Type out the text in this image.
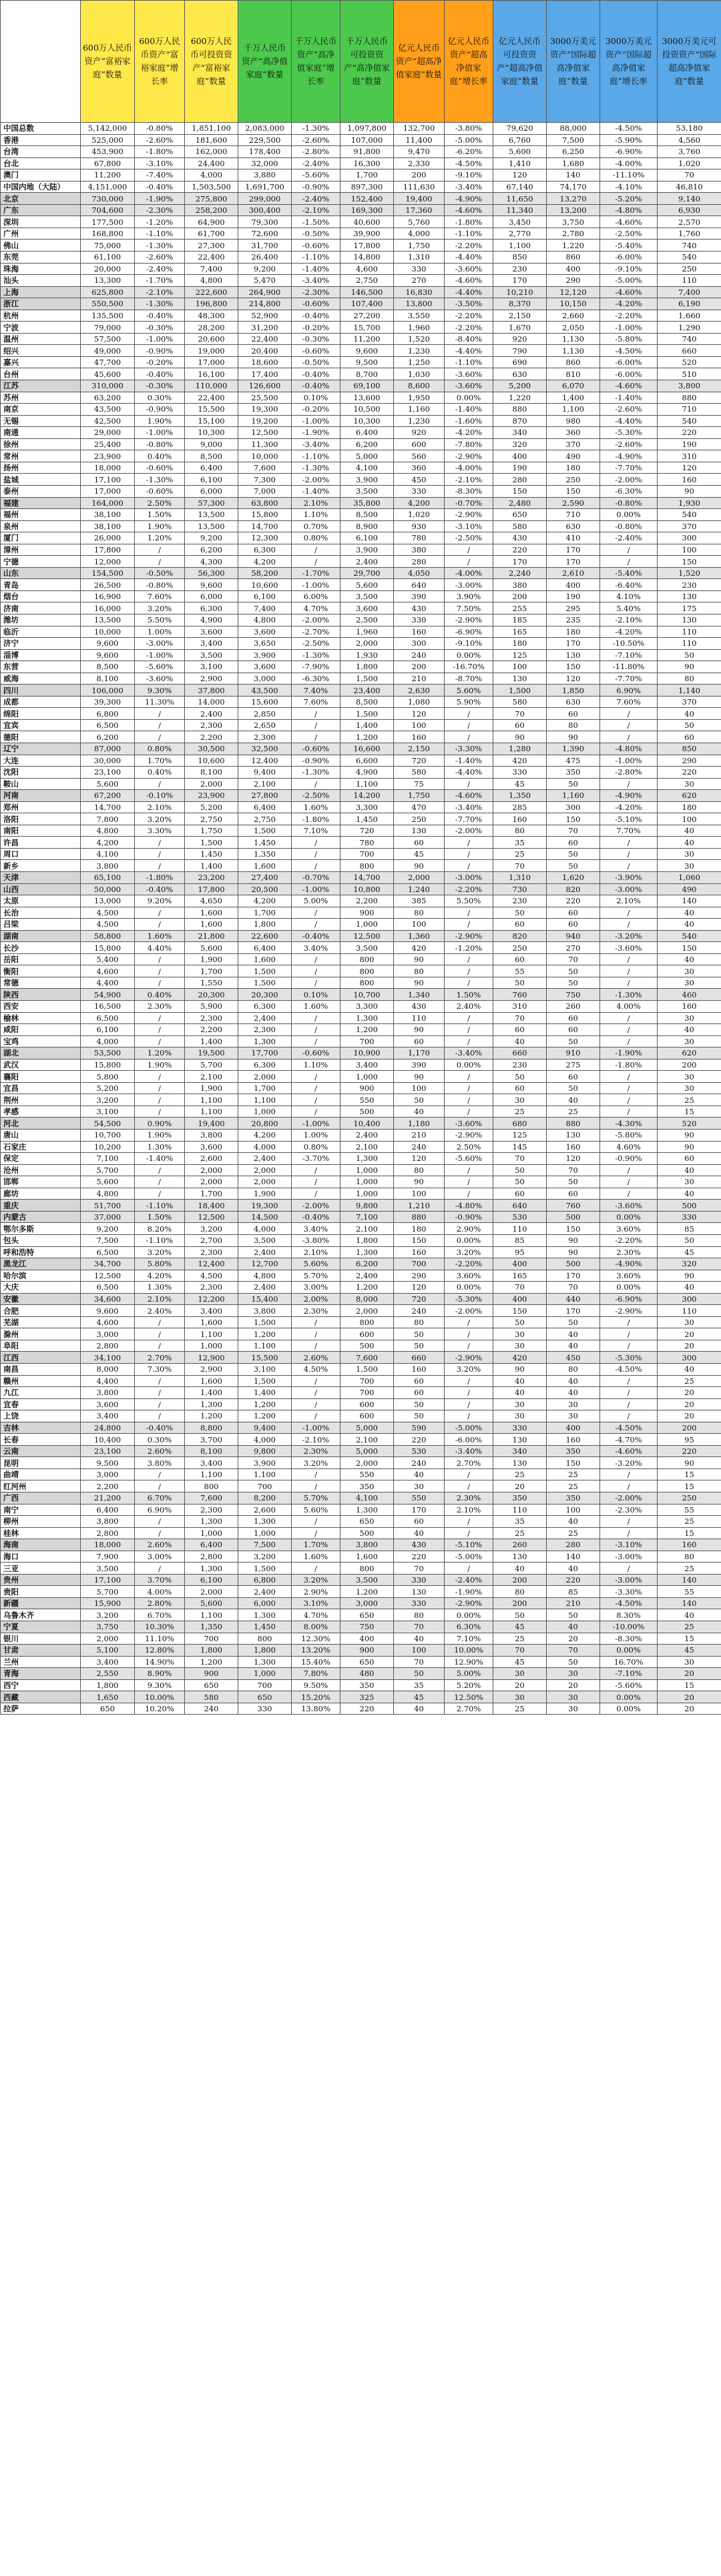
	600万人民币资产“富裕家庭”数量	600万人民币资产“富裕家庭”增长率	600万人民币可投资资产“富裕家庭”数量	千万人民币资产“高净值家庭”数量	千万人民币资产“高净值家庭”增长率	千万人民币可投资资产“高净值家庭”数量	亿元人民币资产“超高净值家庭”数量	亿元人民币资产“超高净值家庭”增长率	亿元人民币可投资资产“超高净值家庭”数量	3000万美元资产“国际超高净值家庭”数量	3000万美元资产“国际超高净值家庭”增长率	3000万美元可投资资产“国际超高净值家庭”数量
中国总数	5,142,000	-0.80%	1,851,100	2,083,000	-1.30%	1,097,800	132,700	-3.80%	79,620	88,000	-4.50%	53,180
香港	525,000	-2.60%	181,600	229,500	-2.60%	107,000	11,400	-5.00%	6,760	7,500	-5.90%	4,560
台湾	453,900	-1.80%	162,000	178,400	-2.80%	91,800	9,470	-6.20%	5,600	6,250	-6.90%	3,760
台北	67,800	-3.10%	24,400	32,000	-2.40%	16,300	2,330	-4.50%	1,410	1,680	-4.00%	1,020
澳门	11,200	-7.40%	4,000	3,880	-5.60%	1,700	200	-9.10%	120	140	-11.10%	70
中国内地（大陆）	4,151,000	-0.40%	1,503,500	1,691,700	-0.90%	897,300	111,630	-3.40%	67,140	74,170	-4.10%	46,810
北京	730,000	-1.90%	275,800	299,000	-2.40%	152,400	19,400	-4.90%	11,650	13,270	-5.20%	9,140
广东	704,600	-2.30%	258,200	300,400	-2.10%	169,300	17,360	-4.60%	11,340	13,200	-4.80%	6,930
深圳	177,500	-1.20%	64,900	79,300	-1.50%	40,600	5,760	-1.80%	3,450	3,750	-4.60%	2,570
广州	168,800	-1.10%	61,700	72,600	-0.50%	39,900	4,000	-1.10%	2,770	2,780	-2.50%	1,760
佛山	75,000	-1.30%	27,300	31,700	-0.60%	17,800	1,750	-2.20%	1,100	1,220	-5.40%	740
东莞	61,100	-2.60%	22,400	26,400	-1.10%	14,800	1,310	-4.40%	850	860	-6.00%	540
珠海	20,000	-2.40%	7,400	9,200	-1.40%	4,600	330	-3.60%	230	400	-9.10%	250
汕头	13,300	-1.70%	4,800	5,470	-3.40%	2,750	270	-4.60%	170	290	-5.00%	110
上海	625,800	-2.10%	222,600	264,900	-2.30%	146,500	16,830	-4.40%	10,210	12,120	-4.60%	7,400
浙江	550,500	-1.30%	196,800	214,800	-0.60%	107,400	13,800	-3.50%	8,370	10,150	-4.20%	6,190
杭州	135,500	-0.40%	48,300	52,900	-0.40%	27,200	3,550	-2.20%	2,150	2,660	-2.20%	1,660
宁波	79,000	-0.30%	28,200	31,200	-0.20%	15,700	1,960	-2.20%	1,670	2,050	-1.00%	1,290
温州	57,500	-1.00%	20,600	22,400	-0.30%	11,200	1,520	-8.40%	920	1,130	-5.80%	740
绍兴	49,000	-0.90%	19,000	20,400	-0.60%	9,600	1,230	-4.40%	790	1,130	-4.50%	660
嘉兴	47,700	-0.20%	17,000	18,600	-0.50%	9,500	1,250	-1.10%	690	860	-6.00%	520
台州	45,600	-0.40%	16,100	17,400	-0.40%	8,700	1,030	-3.60%	630	810	-6.00%	510
江苏	310,000	-0.30%	110,000	126,600	-0.40%	69,100	8,600	-3.60%	5,200	6,070	-4.60%	3,800
苏州	63,200	0.30%	22,400	25,500	0.10%	13,600	1,950	0.00%	1,220	1,400	-1.40%	880
南京	43,500	-0.90%	15,500	19,300	-0.20%	10,500	1,160	-1.40%	880	1,100	-2.60%	710
无锡	42,500	1.90%	15,100	19,200	-1.00%	10,300	1,230	-1.60%	870	980	-4.40%	540
南通	29,000	-1.00%	10,300	12,500	-1.90%	6,400	920	-4.20%	340	360	-5.30%	220
徐州	25,400	-0.80%	9,000	11,300	-3.40%	6,200	600	-7.80%	320	370	-2.60%	190
常州	23,900	0.40%	8,500	10,000	-1.10%	5,000	560	-2.90%	400	490	-4.90%	310
扬州	18,000	-0.60%	6,400	7,600	-1.30%	4,100	360	-4.00%	190	180	-7.70%	120
盐城	17,100	-1.30%	6,100	7,300	-2.00%	3,900	450	-2.10%	280	250	-2.00%	160
泰州	17,000	-0.60%	6,000	7,000	-1.40%	3,500	330	-8.30%	150	150	-6.30%	90
福建	164,000	2.50%	57,300	63,800	2.10%	35,800	4,200	-0.70%	2,480	2,590	-0.80%	1,930
福州	38,100	1.50%	13,500	15,800	1.10%	8,500	1,020	-2.90%	650	710	0.00%	540
泉州	38,100	1.90%	13,500	14,700	0.70%	8,900	930	-3.10%	580	630	-0.80%	370
厦门	26,000	1.20%	9,200	12,300	0.80%	6,100	780	-2.50%	430	410	-2.40%	300
漳州	17,800	/	6,200	6,300	/	3,900	380	/	220	170	/	100
宁德	12,000	/	4,300	4,200	/	2,400	280	/	170	170	/	150
山东	154,500	-0.50%	56,300	58,200	-1.70%	29,700	4,050	-4.00%	2,240	2,610	-5.40%	1,520
青岛	26,500	-0.80%	9,600	10,600	-1.00%	5,600	640	-3.00%	380	400	-6.40%	230
烟台	16,900	7.60%	6,000	6,100	6.00%	3,500	390	3.90%	200	190	4.10%	130
济南	16,000	3.20%	6,300	7,400	4.70%	3,600	430	7.50%	255	295	5.40%	175
潍坊	13,500	5.50%	4,900	4,800	-2.00%	2,500	330	-2.90%	185	235	-2.10%	130
临沂	10,000	1.00%	3,600	3,600	-2.70%	1,960	160	-6.90%	165	180	-4.20%	110
济宁	9,600	-3.00%	3,400	3,650	-2.50%	2,000	300	-9.10%	180	170	-10.50%	110
淄博	9,600	-1.00%	3,500	3,900	-1.30%	1,930	240	0.00%	125	130	-7.10%	50
东营	8,500	-5.60%	3,100	3,600	-7.90%	1,800	200	-16.70%	100	150	-11.80%	90
威海	8,100	-3.60%	2,900	3,000	-6.30%	1,500	210	-8.70%	130	120	-7.70%	80
四川	106,000	9.30%	37,800	43,500	7.40%	23,400	2,630	5.60%	1,500	1,850	6.90%	1,140
成都	39,300	11.30%	14,000	15,600	7.60%	8,500	1,080	5.90%	580	630	7.60%	370
绵阳	6,800	/	2,400	2,850	/	1,500	120	/	70	60	/	40
宜宾	6,500	/	2,300	2,650	/	1,400	100	/	60	80	/	50
德阳	6,200	/	2,200	2,300	/	1,200	160	/	90	90	/	60
辽宁	87,000	0.80%	30,500	32,500	-0.60%	16,600	2,150	-3.30%	1,280	1,390	-4.80%	850
大连	30,000	1.70%	10,600	12,400	-0.90%	6,600	720	-1.40%	420	475	-1.00%	290
沈阳	23,100	0.40%	8,100	9,400	-1.30%	4,900	580	-4.40%	330	350	-2.80%	220
鞍山	5,600	/	2,000	2,100	/	1,100	75	/	45	50	/	30
河南	67,200	-0.10%	23,900	27,800	-2.50%	14,200	1,750	-4.60%	1,350	1,160	-4.90%	620
郑州	14,700	2.10%	5,200	6,400	1.60%	3,300	470	-3.40%	285	300	-4.20%	180
洛阳	7,800	3.20%	2,750	2,750	-1.80%	1,450	250	-7.70%	160	150	-5.10%	100
南阳	4,800	3.30%	1,750	1,500	7.10%	720	130	-2.00%	80	70	7.70%	40
许昌	4,200	/	1,500	1,450	/	780	60	/	35	60	/	40
周口	4,100	/	1,450	1,350	/	700	45	/	25	50	/	30
新乡	3,800	/	1,400	1,600	/	800	90	/	70	50	/	30
天津	65,100	-1.80%	23,200	27,400	-0.70%	14,700	2,000	-3.00%	1,310	1,620	-3.90%	1,060
山西	50,000	-0.40%	17,800	20,500	-1.00%	10,800	1,240	-2.20%	730	820	-3.00%	490
太原	13,000	9.20%	4,650	4,200	5.00%	2,200	385	5.50%	230	220	2.10%	140
长治	4,500	/	1,600	1,700	/	900	80	/	50	60	/	40
吕梁	4,500	/	1,600	1,800	/	1,000	100	/	60	60	/	40
湖南	58,800	1.60%	21,800	22,600	-0.40%	12,500	1,360	-2.90%	820	940	-3.20%	540
长沙	15,800	4.40%	5,600	6,400	3.40%	3,500	420	-1.20%	250	270	-3.60%	150
岳阳	5,400	/	1,900	1,600	/	800	90	/	60	70	/	40
衡阳	4,600	/	1,700	1,500	/	800	80	/	55	50	/	30
常德	4,400	/	1,550	1,500	/	800	90	/	50	50	/	30
陕西	54,900	0.40%	20,300	20,300	0.10%	10,700	1,340	1.50%	760	750	-1.30%	460
西安	16,500	2.30%	5,900	6,300	1.60%	3,300	430	2.40%	310	260	4.00%	160
榆林	6,500	/	2,300	2,400	/	1,300	110	/	70	60	/	30
咸阳	6,100	/	2,200	2,300	/	1,200	90	/	60	60	/	40
宝鸡	4,000	/	1,400	1,300	/	700	60	/	40	50	/	30
湖北	53,500	1.20%	19,500	17,700	-0.60%	10,900	1,170	-3.40%	660	910	-1.90%	620
武汉	15,800	1.90%	5,700	6,300	1.10%	3,400	390	0.00%	230	275	-1.80%	200
襄阳	5,800	/	2,100	2,000	/	1,000	90	/	50	60	/	30
宜昌	5,200	/	1,900	1,700	/	900	100	/	60	50	/	30
荆州	3,200	/	1,100	1,100	/	550	50	/	30	40	/	25
孝感	3,100	/	1,100	1,000	/	500	40	/	25	25	/	15
河北	54,500	0.90%	19,400	20,800	-1.00%	10,400	1,180	-3.60%	680	880	-4.30%	520
唐山	10,700	1.90%	3,800	4,200	1.00%	2,400	210	-2.90%	125	130	-5.80%	90
石家庄	10,200	1.30%	3,600	4,000	0.80%	2,100	240	2.50%	145	160	4.60%	90
保定	7,100	-1.40%	2,600	2,400	-3.70%	1,300	120	-5.60%	70	120	-0.90%	60
沧州	5,700	/	2,000	2,000	/	1,000	80	/	50	70	/	40
邯郸	5,600	/	2,000	2,000	/	1,000	90	/	50	50	/	30
廊坊	4,800	/	1,700	1,900	/	1,000	100	/	60	60	/	40
重庆	51,700	-1.10%	18,400	19,300	-2.00%	9,800	1,210	-4.80%	640	760	-3.60%	500
内蒙古	37,000	1.50%	12,500	14,500	-0.40%	7,100	880	-0.90%	530	500	0.00%	330
鄂尔多斯	9,200	8.20%	3,200	4,000	3.40%	2,100	180	2.90%	110	150	3.60%	85
包头	7,500	-1.10%	2,700	3,500	-3.80%	1,800	150	0.00%	85	90	-2.20%	50
呼和浩特	6,500	3.20%	2,300	2,400	2.10%	1,300	160	3.20%	95	90	2.30%	45
黑龙江	34,700	5.80%	12,400	12,700	5.60%	6,200	700	-2.20%	400	500	-4.90%	320
哈尔滨	12,500	4.20%	4,500	4,800	5.70%	2,400	290	3.60%	165	170	3.60%	90
大庆	6,500	1.30%	2,300	2,400	3.00%	1,200	120	0.00%	70	70	0.00%	40
安徽	34,600	2.10%	12,200	15,400	2.00%	8,000	720	-5.30%	400	440	-6.90%	300
合肥	9,600	2.40%	3,400	3,800	2.30%	2,000	240	-2.00%	150	170	-2.90%	110
芜湖	4,600	/	1,600	1,500	/	800	80	/	50	50	/	30
滁州	3,000	/	1,100	1,200	/	600	50	/	30	40	/	20
阜阳	2,800	/	1,000	1,100	/	500	50	/	30	40	/	20
江西	34,100	2.70%	12,900	15,500	2.60%	7,600	660	-2.90%	420	450	-5.30%	300
南昌	8,000	7.30%	2,900	3,100	4.50%	1,500	160	3.20%	90	80	-4.50%	40
赣州	4,400	/	1,600	1,500	/	700	60	/	40	40	/	25
九江	3,800	/	1,400	1,400	/	700	60	/	40	40	/	20
宜春	3,600	/	1,300	1,200	/	600	50	/	30	30	/	20
上饶	3,400	/	1,200	1,200	/	600	50	/	30	30	/	20
吉林	24,800	-0.40%	8,800	9,400	-1.00%	5,000	590	-5.00%	330	400	-4.50%	200
长春	10,400	0.30%	3,700	4,000	-2.10%	2,100	220	-6.00%	130	160	-4.70%	95
云南	23,100	2.60%	8,100	9,800	2.30%	5,000	530	-3.40%	340	350	-4.60%	220
昆明	9,500	3.80%	3,400	3,900	3.20%	2,000	240	2.70%	130	150	-3.20%	90
曲靖	3,000	/	1,100	1,100	/	550	40	/	25	25	/	15
红河州	2,200	/	800	700	/	350	30	/	20	25	/	15
广西	21,200	6.70%	7,600	8,200	5.70%	4,100	550	2.30%	350	350	-2.00%	250
南宁	6,400	6.90%	2,300	2,600	5.60%	1,300	170	2.10%	110	100	-2.30%	55
柳州	3,800	/	1,300	1,300	/	650	60	/	35	40	/	25
桂林	2,800	/	1,000	1,000	/	500	40	/	25	25	/	15
海南	18,000	2.60%	6,400	7,500	1.70%	3,800	430	-5.10%	260	280	-3.10%	160
海口	7,900	3.00%	2,800	3,200	1.60%	1,600	220	-5.00%	130	140	-3.00%	80
三亚	3,500	/	1,300	1,500	/	800	70	/	40	40	/	25
贵州	17,100	3.70%	6,100	6,800	3.20%	3,500	330	-2.40%	200	220	-3.00%	140
贵阳	5,700	4.00%	2,000	2,400	2.90%	1,200	130	-1.90%	80	85	-3.30%	55
新疆	15,900	2.80%	5,600	6,000	3.10%	3,000	330	-2.90%	200	210	-4.50%	140
乌鲁木齐	3,200	6.70%	1,100	1,300	4.70%	650	80	0.00%	50	50	8.30%	40
宁夏	3,750	10.30%	1,350	1,450	8.00%	750	70	6.30%	45	40	-10.00%	25
银川	2,000	11.10%	700	800	12.30%	400	40	7.10%	25	20	-8.30%	15
甘肃	5,100	12.80%	1,800	1,800	13.20%	900	100	10.00%	70	70	0.00%	45
兰州	3,400	14.90%	1,200	1,300	15.40%	650	70	12.90%	45	50	16.70%	30
青海	2,550	8.90%	900	1,000	7.80%	480	50	5.00%	30	30	-7.10%	20
西宁	1,800	9.30%	650	700	9.50%	350	35	5.20%	20	20	-5.60%	15
西藏	1,650	10.00%	580	650	15.20%	325	45	12.50%	30	30	0.00%	20
拉萨	650	10.20%	240	330	13.80%	220	40	2.70%	25	30	0.00%	20
